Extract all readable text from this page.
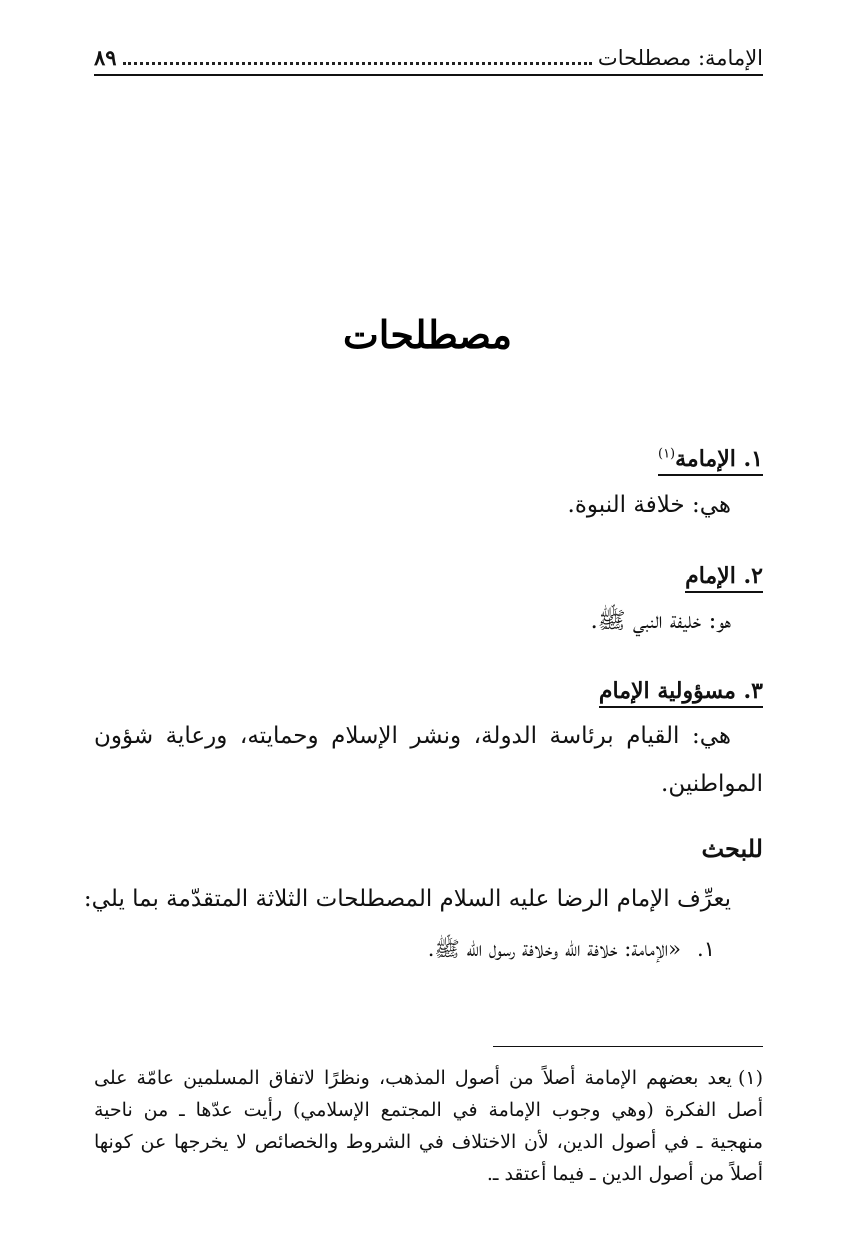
الإمامة: مصطلحات
٨٩
مصطلحات
١. الإمامة$^{(١)}$
هي: خلافة النبوة.
٢. الإمام
هو: خليفة النبي ﷺ.
٣. مسؤولية الإمام
هي: القيام برئاسة الدولة، ونشر الإسلام وحمايته، ورعاية شؤون المواطنين.
للبحث
يعرِّف الإمام الرضا عليه السلام المصطلحات الثلاثة المتقدّمة بما يلي:
١.«الإمامة: خلافة الله وخلافة رسول الله ﷺ.
(١)يعد بعضهم الإمامة أصلاً من أصول المذهب، ونظرًا لاتفاق المسلمين عامّة على أصل الفكرة (وهي وجوب الإمامة في المجتمع الإسلامي) رأيت عدّها ـ من ناحية منهجية ـ في أصول الدين، لأن الاختلاف في الشروط والخصائص لا يخرجها عن كونها أصلاً من أصول الدين ـ فيما أعتقد ـ.
